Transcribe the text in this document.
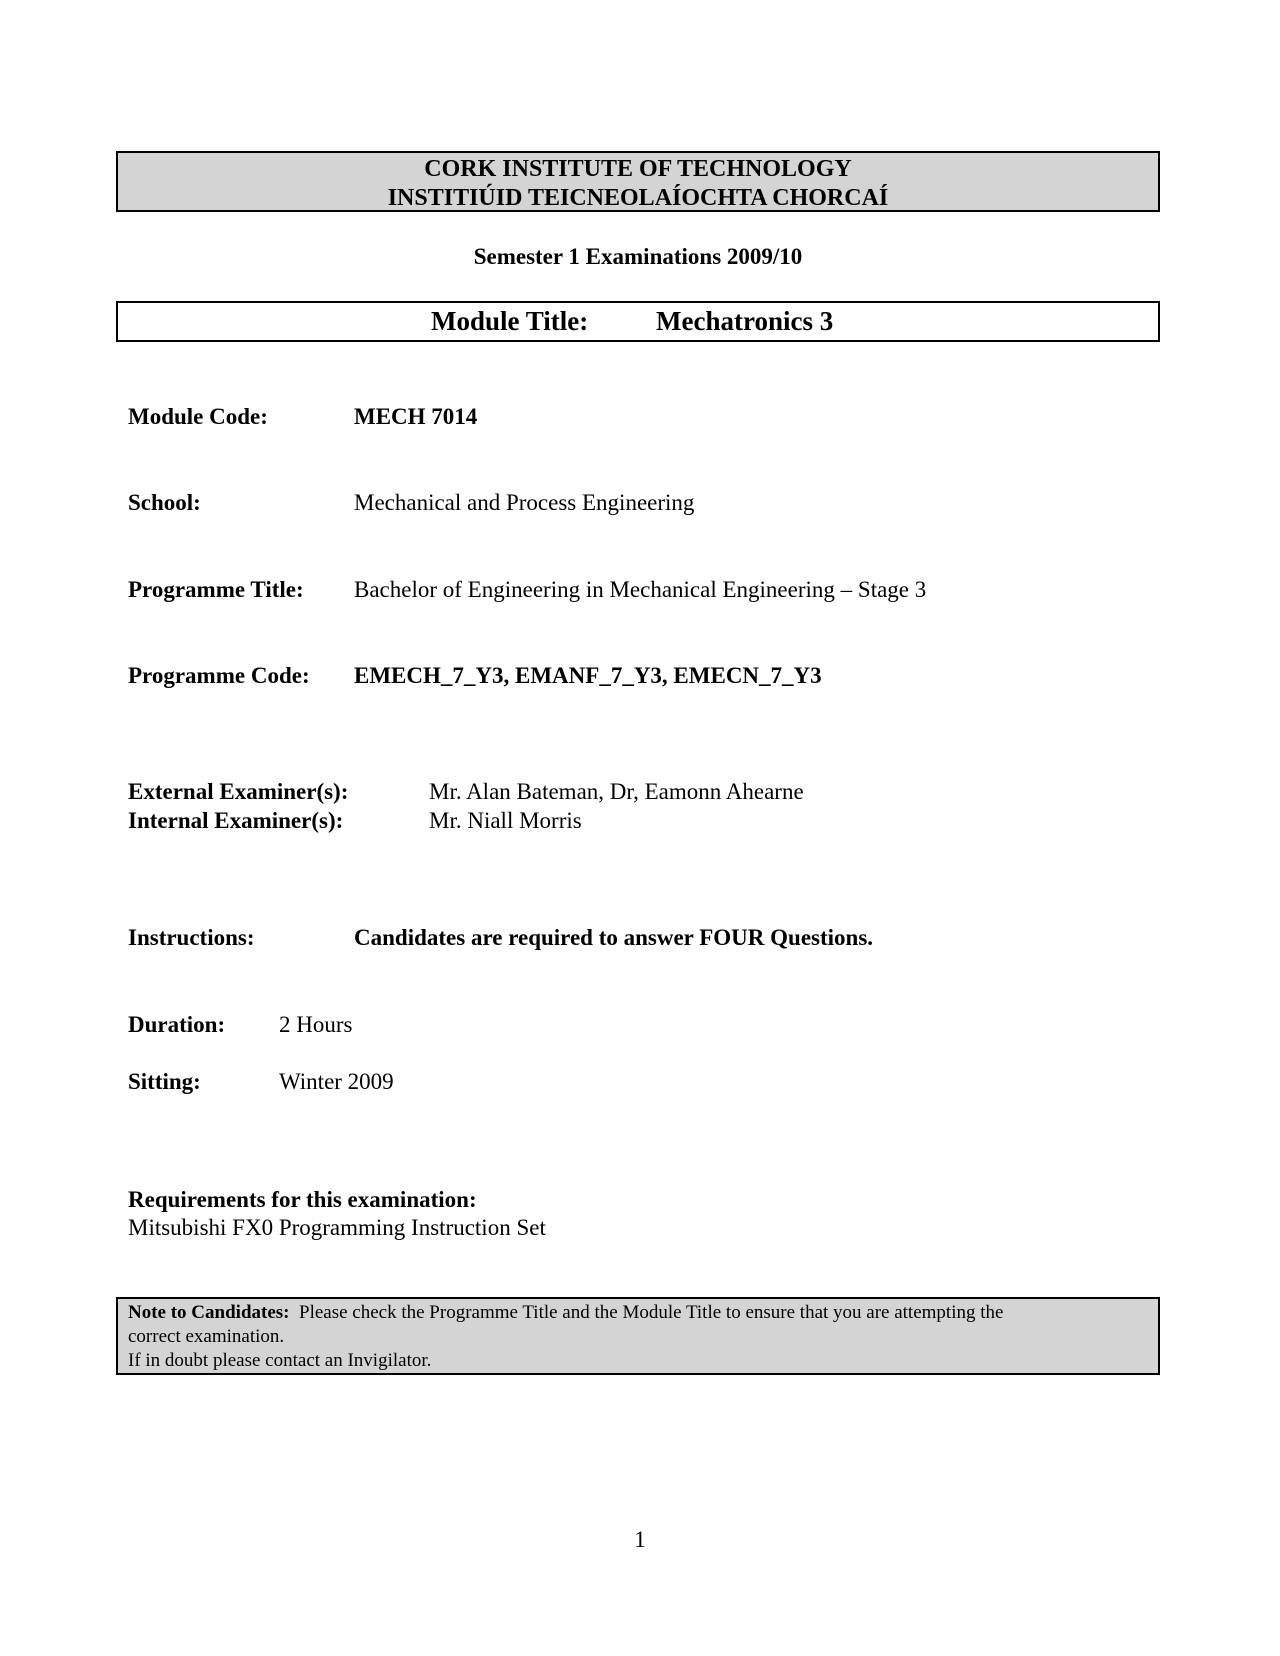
CORK INSTITUTE OF TECHNOLOGY
INSTITIÚID TEICNEOLAÍOCHTA CHORCAÍ
Semester 1 Examinations 2009/10
Module Title:	Mechatronics 3
Module Code:	MECH 7014
School:	Mechanical and Process Engineering
Programme Title: Bachelor of Engineering in Mechanical Engineering – Stage 3
Programme Code: EMECH_7_Y3, EMANF_7_Y3, EMECN_7_Y3
External Examiner(s):	Mr. Alan Bateman, Dr, Eamonn Ahearne
Internal Examiner(s):	Mr. Niall Morris
Instructions:	Candidates are required to answer FOUR Questions.
Duration: 2 Hours
Sitting:	Winter 2009
Requirements for this examination:
Mitsubishi FX0 Programming Instruction Set
Note to Candidates: Please check the Programme Title and the Module Title to ensure that you are attempting the
correct examination.
If in doubt please contact an Invigilator.
1
